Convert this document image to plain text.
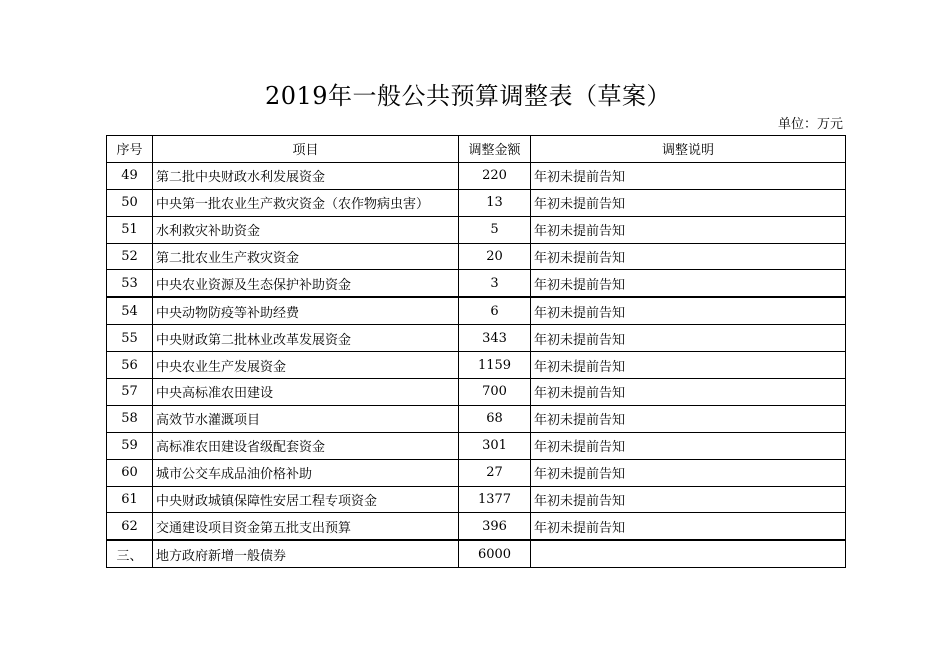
2019年一般公共预算调整表（草案）
单位：万元
序号	项目	调整金额	调整说明
49	第二批中央财政水利发展资金	220	年初未提前告知
50	中央第一批农业生产救灾资金（农作物病虫害）	13	年初未提前告知
51	水利救灾补助资金	5	年初未提前告知
52	第二批农业生产救灾资金	20	年初未提前告知
53	中央农业资源及生态保护补助资金	3	年初未提前告知
54	中央动物防疫等补助经费	6	年初未提前告知
55	中央财政第二批林业改革发展资金	343	年初未提前告知
56	中央农业生产发展资金	1159	年初未提前告知
57	中央高标准农田建设	700	年初未提前告知
58	高效节水灌溉项目	68	年初未提前告知
59	高标准农田建设省级配套资金	301	年初未提前告知
60	城市公交车成品油价格补助	27	年初未提前告知
61	中央财政城镇保障性安居工程专项资金	1377	年初未提前告知
62	交通建设项目资金第五批支出预算	396	年初未提前告知
三、	地方政府新增一般债券	6000	
